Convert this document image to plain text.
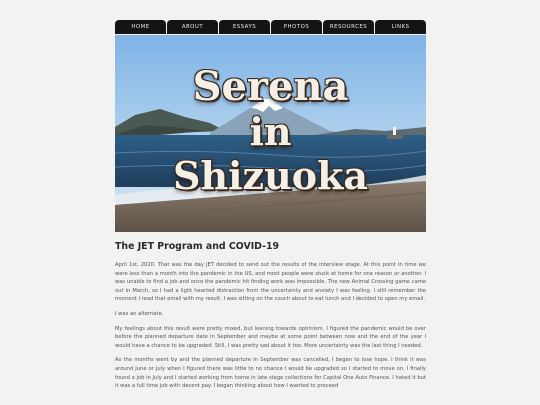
HOME	ABOUT	ESSAYS	PHOTOS	RESOURCES	LINKS
Serena
in
Shizuoka
The JET Program and COVID-19

April 1st, 2020. That was the day JET decided to send out the results of the interview stage. At this point in time we were less than a month into the pandemic in the US, and most people were stuck at home for one reason or another. I was unable to find a job and once the pandemic hit finding work was impossible. The new Animal Crossing game came out in March, so I had a light hearted distraction from the uncertainty and anxiety I was feeling. I still remember the moment I read that email with my result. I was sitting on the couch about to eat lunch and I decided to open my email.

I was an alternate.

My feelings about this result were pretty mixed, but leaning towards optimism. I figured the pandemic would be over before the planned departure date in September and maybe at some point between now and the end of the year I would have a chance to be upgraded. Still, I was pretty sad about it too. More uncertainty was the last thing I needed.

As the months went by and the planned departure in September was cancelled, I began to lose hope. I think it was around June or July when I figured there was little to no chance I would be upgraded so I started to move on. I finally found a job in July and I started working from home in late stage collections for Capital One Auto Finance. I hated it but it was a full time job with decent pay. I began thinking about how I wanted to proceed
